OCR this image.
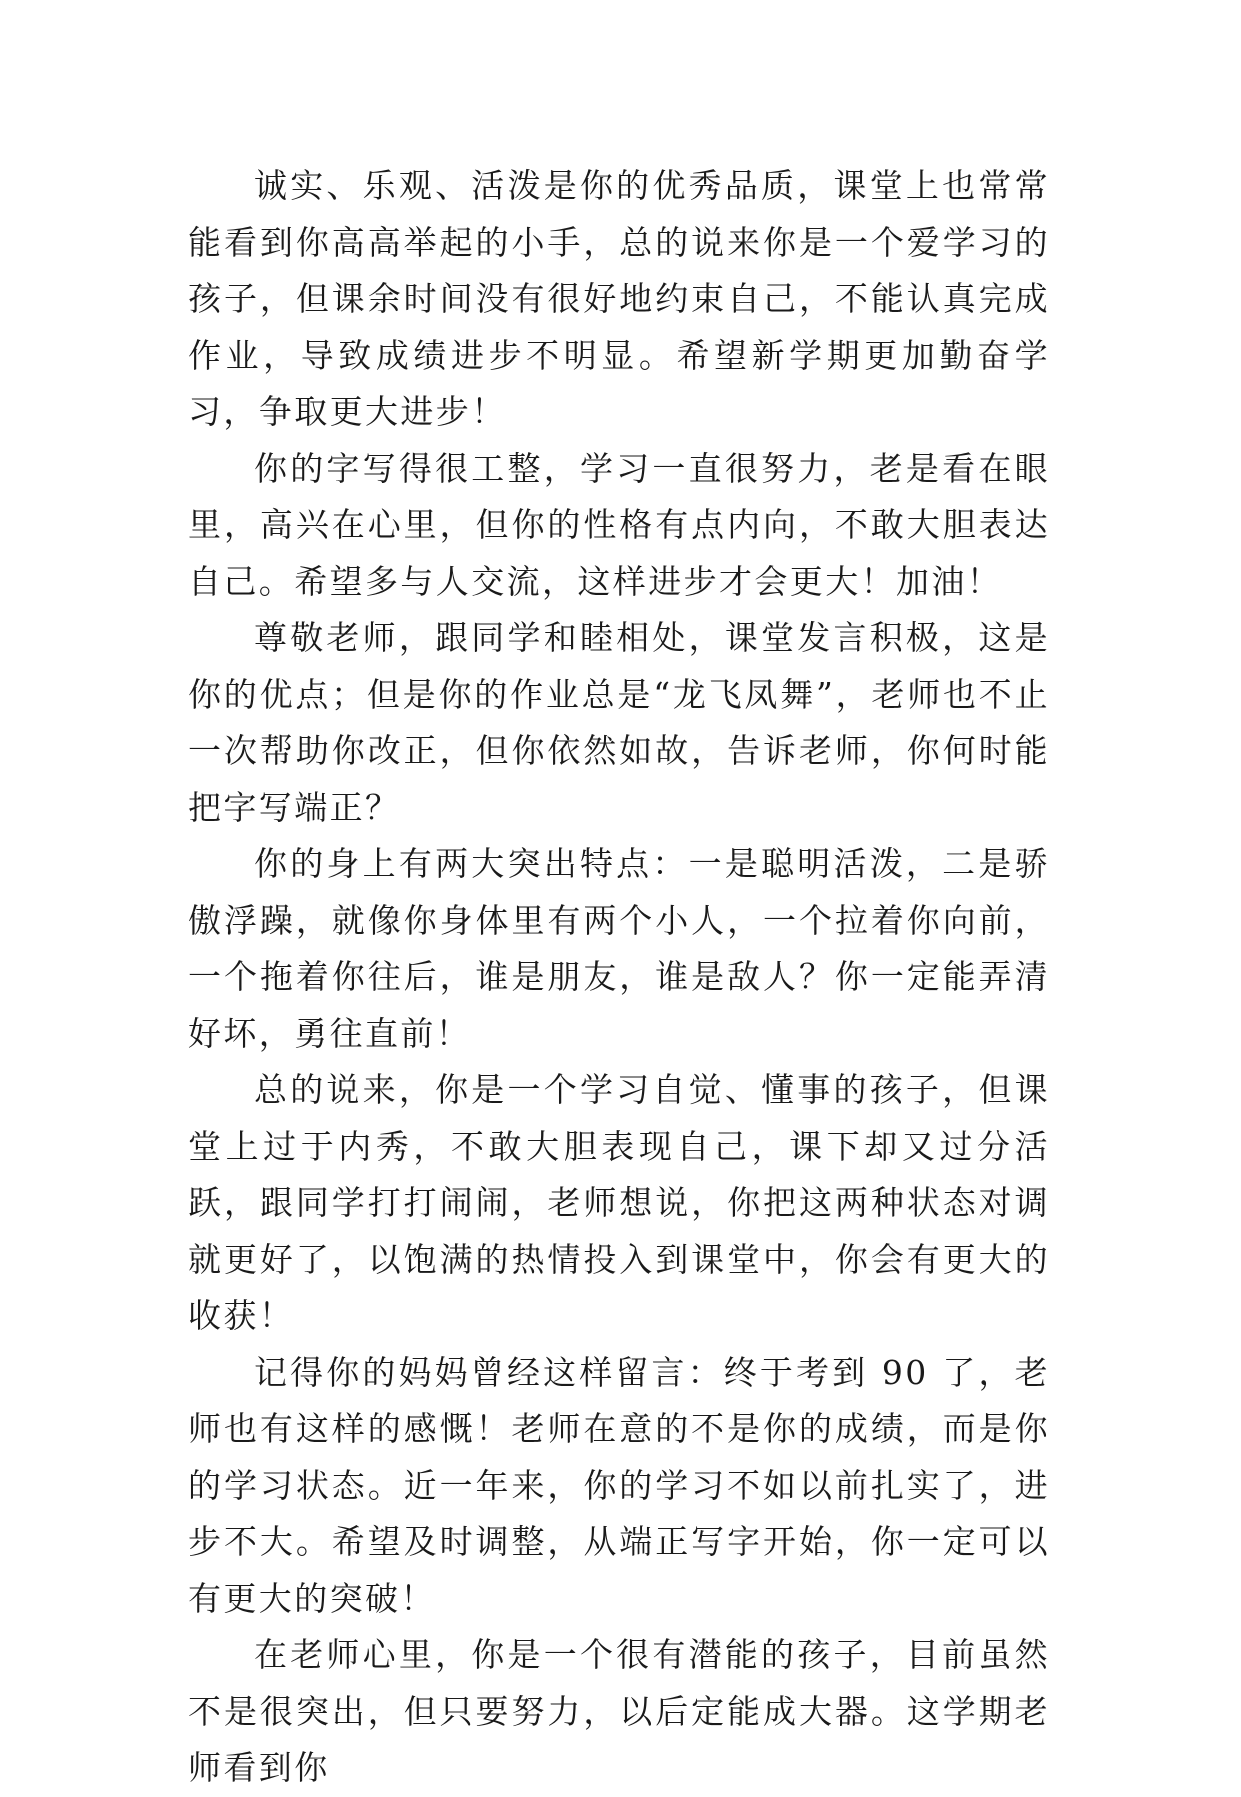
诚实、乐观、活泼是你的优秀品质，课堂上也常常能看到你高高举起的小手，总的说来你是一个爱学习的孩子，但课余时间没有很好地约束自己，不能认真完成作业，导致成绩进步不明显。希望新学期更加勤奋学习，争取更大进步！

你的字写得很工整，学习一直很努力，老是看在眼里，高兴在心里，但你的性格有点内向，不敢大胆表达自己。希望多与人交流，这样进步才会更大！加油！

尊敬老师，跟同学和睦相处，课堂发言积极，这是你的优点；但是你的作业总是“龙飞凤舞”，老师也不止一次帮助你改正，但你依然如故，告诉老师，你何时能把字写端正？

你的身上有两大突出特点：一是聪明活泼，二是骄傲浮躁，就像你身体里有两个小人，一个拉着你向前，一个拖着你往后，谁是朋友，谁是敌人？你一定能弄清好坏，勇往直前！

总的说来，你是一个学习自觉、懂事的孩子，但课堂上过于内秀，不敢大胆表现自己，课下却又过分活跃，跟同学打打闹闹，老师想说，你把这两种状态对调就更好了，以饱满的热情投入到课堂中，你会有更大的收获！

记得你的妈妈曾经这样留言：终于考到 90 了，老师也有这样的感慨！老师在意的不是你的成绩，而是你的学习状态。近一年来，你的学习不如以前扎实了，进步不大。希望及时调整，从端正写字开始，你一定可以有更大的突破！

在老师心里，你是一个很有潜能的孩子，目前虽然不是很突出，但只要努力，以后定能成大器。这学期老师看到你
